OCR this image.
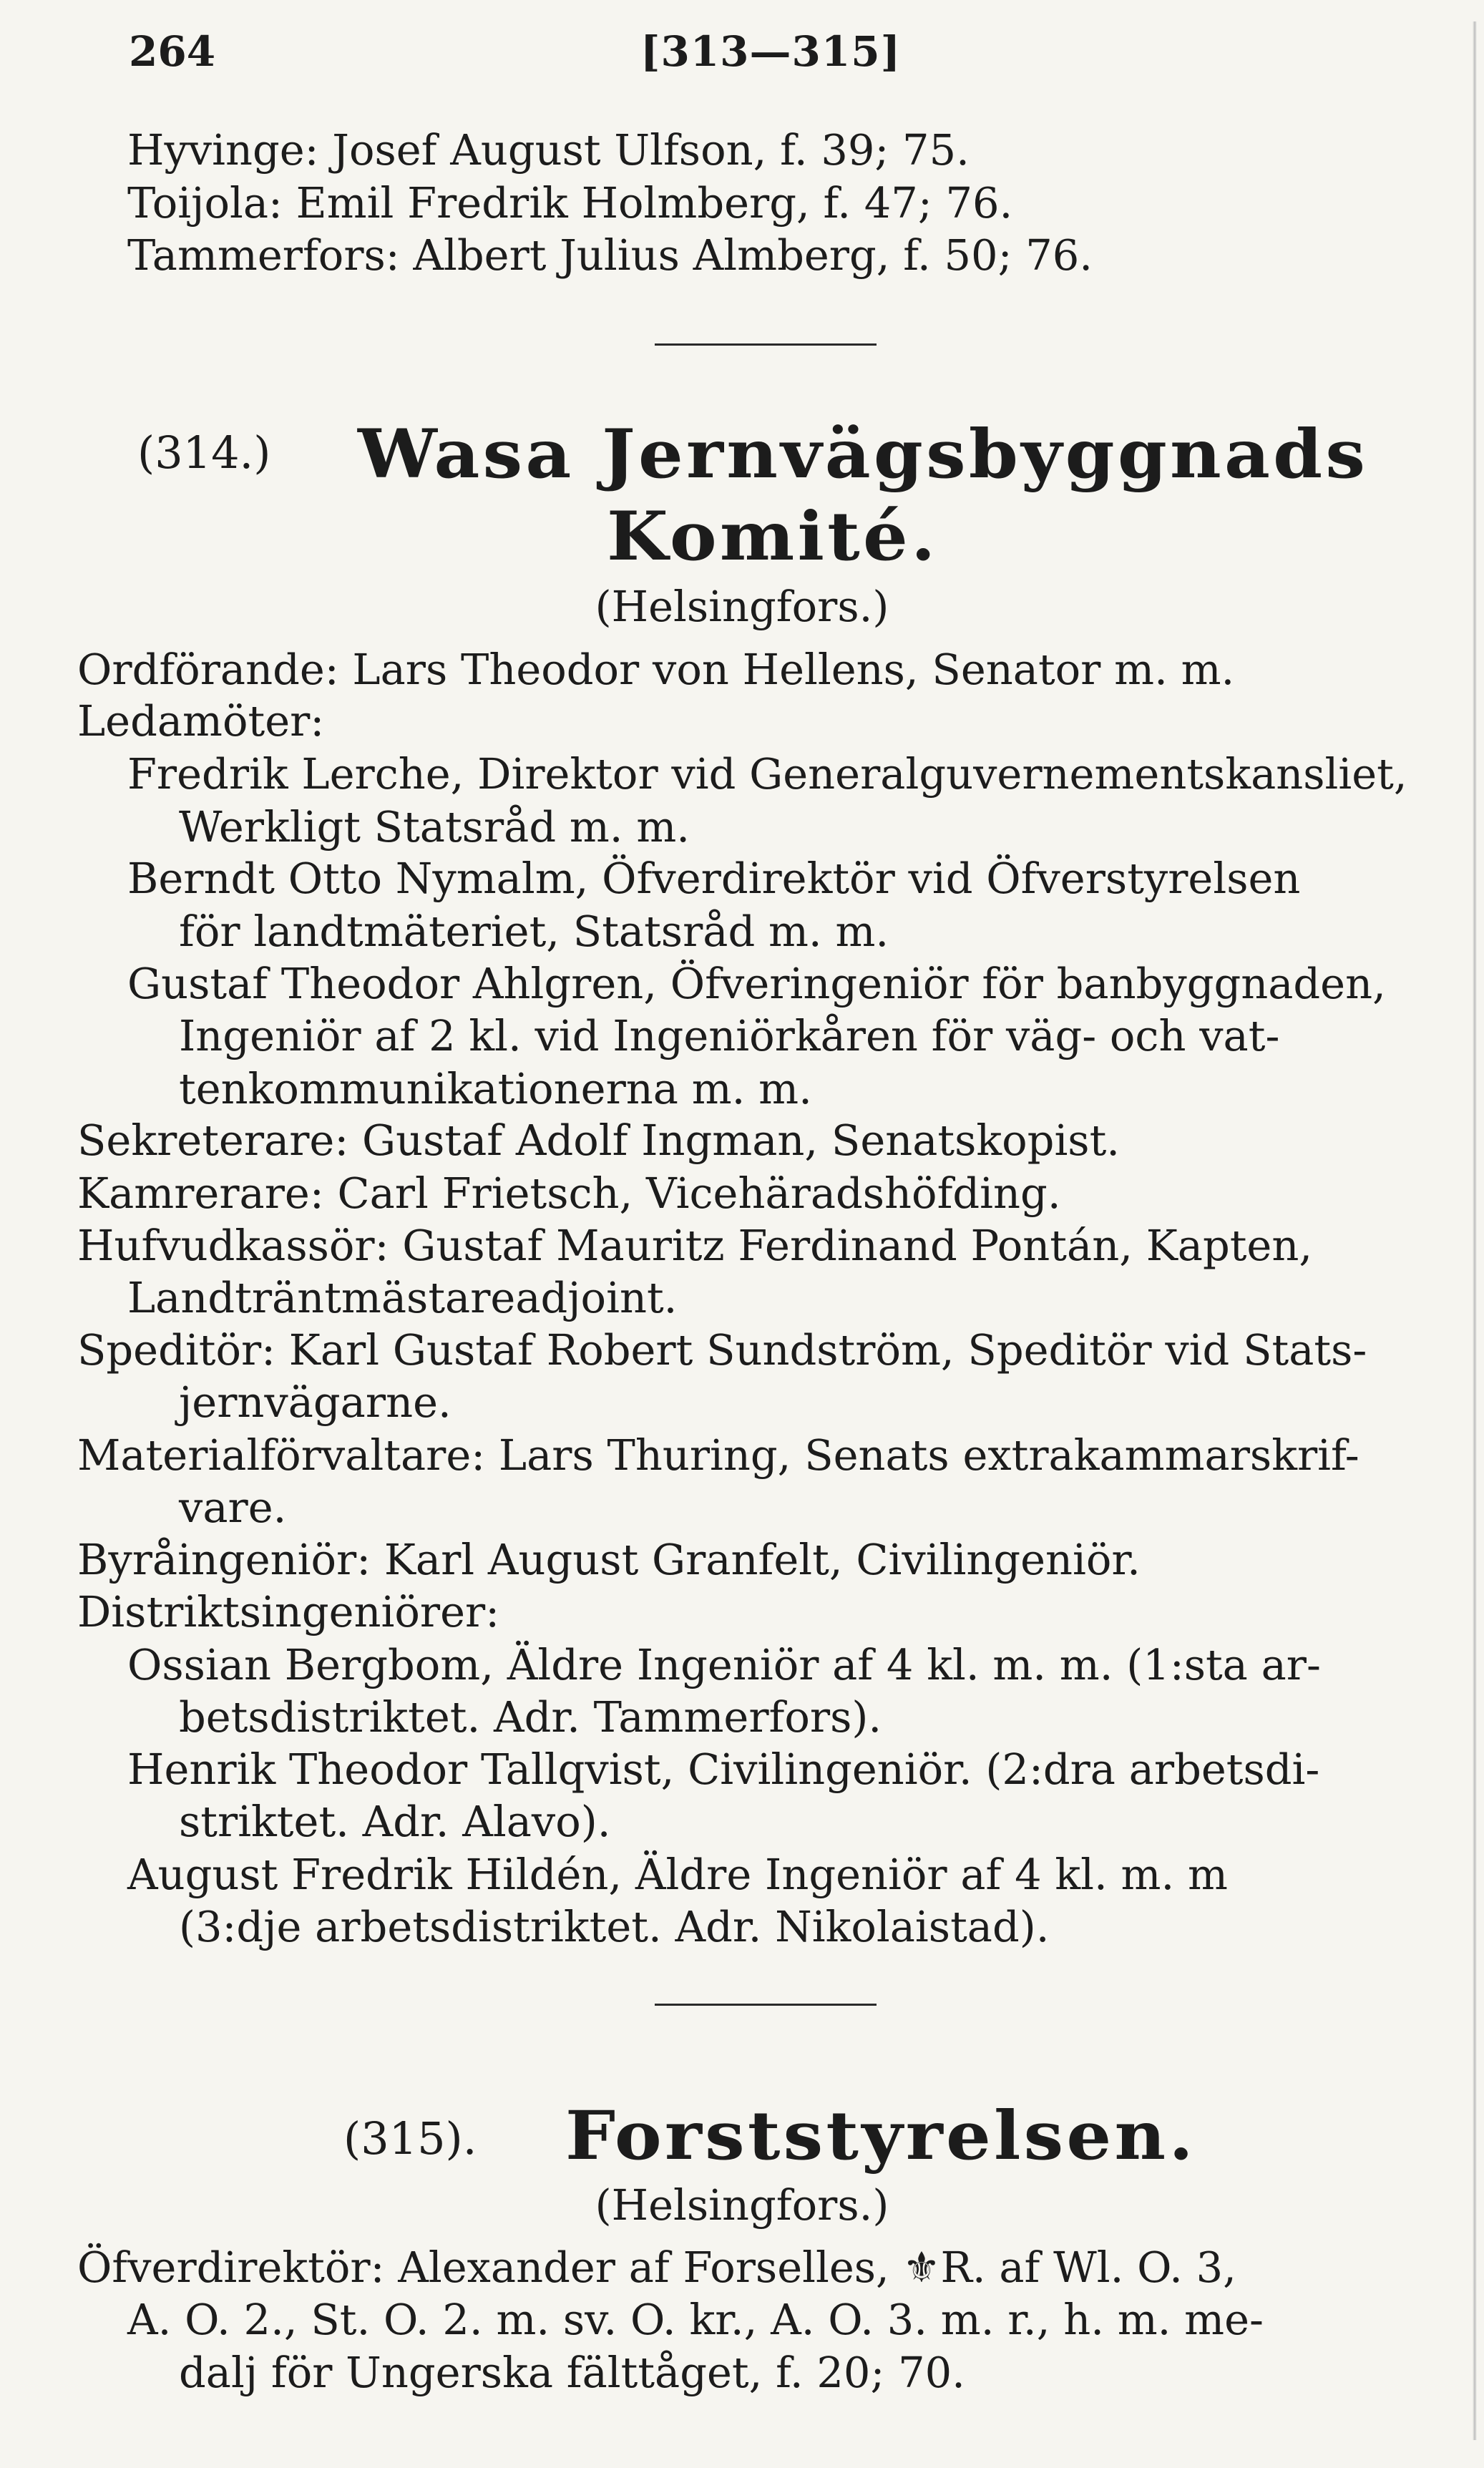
264	[313—315]
Hyvinge: Josef August Ulfson, f. 39; 75.
Toijola: Emil Fredrik Holmberg, f. 47; 76.
Tammerfors: Albert Julius Almberg, f. 50; 76.
(314.) Wasa Jernvägsbyggnads
Komité.
(Helsingfors.)
Ordförande: Lars Theodor von Hellens, Senator m. m.
Ledamöter:
Fredrik Lerche, Direktor vid Generalguvernementskansliet,
Werkligt Statsråd m. m.
Berndt Otto Nymalm, Öfverdirektör vid Öfverstyrelsen
för landtmäteriet, Statsråd m. m.
Gustaf Theodor Ahlgren, Öfveringeniör för banbyggnaden,
Ingeniör af 2 kl. vid Ingeniörkåren för väg- och vat-
tenkommunikationerna m. m.
Sekreterare: Gustaf Adolf Ingman, Senatskopist.
Kamrerare: Carl Frietsch, Vicehäradshöfding.
Hufvudkassör: Gustaf Mauritz Ferdinand Pontán, Kapten,
Landträntmästareadjoint.
Speditör: Karl Gustaf Robert Sundström, Speditör vid Stats-
jernvägarne.
Materialförvaltare: Lars Thuring, Senats extrakammarskrif-
vare.
Byråingeniör: Karl August Granfelt, Civilingeniör.
Distriktsingeniörer:
Ossian Bergbom, Äldre Ingeniör af 4 kl. m. m. (1:sta ar-
betsdistriktet. Adr. Tammerfors).
Henrik Theodor Tallqvist, Civilingeniör. (2:dra arbetsdi-
striktet. Adr. Alavo).
August Fredrik Hildén, Äldre Ingeniör af 4 kl. m. m
(3:dje arbetsdistriktet. Adr. Nikolaistad).
(315). Forststyrelsen.
(Helsingfors.)
Öfverdirektör: Alexander af Forselles, ⚜R. af Wl. O. 3,
A. O. 2., St. O. 2. m. sv. O. kr., A. O. 3. m. r., h. m. me-
dalj för Ungerska fälttåget, f. 20; 70.
